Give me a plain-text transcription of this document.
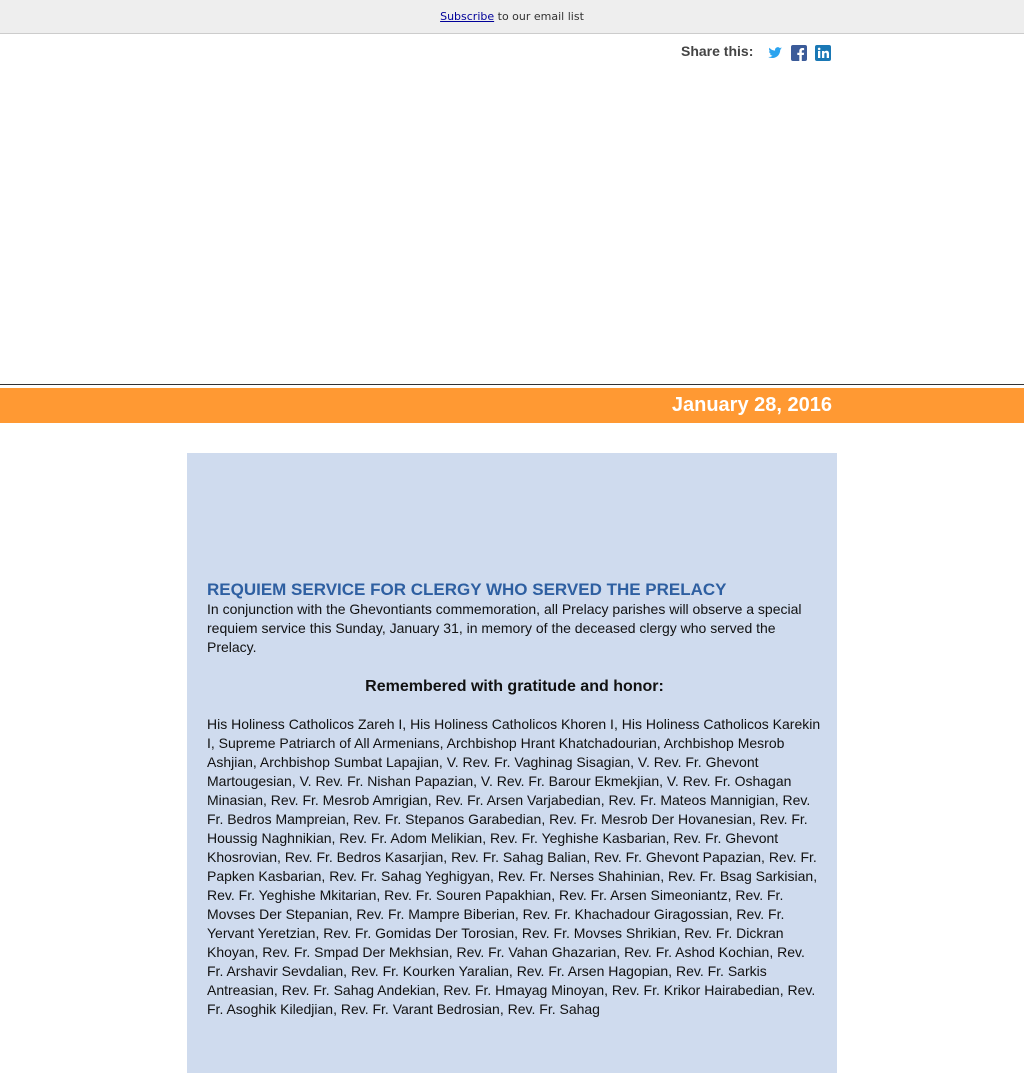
Subscribe to our email list
Share this:
January 28, 2016

REQUIEM SERVICE FOR CLERGY WHO SERVED THE PRELACY

In conjunction with the Ghevontiants commemoration, all Prelacy parishes will observe a special requiem service this Sunday, January 31, in memory of the deceased clergy who served the Prelacy.

Remembered with gratitude and honor:

His Holiness Catholicos Zareh I, His Holiness Catholicos Khoren I, His Holiness Catholicos Karekin I, Supreme Patriarch of All Armenians, Archbishop Hrant Khatchadourian, Archbishop Mesrob Ashjian, Archbishop Sumbat Lapajian, V. Rev. Fr. Vaghinag Sisagian, V. Rev. Fr. Ghevont Martougesian, V. Rev. Fr. Nishan Papazian, V. Rev. Fr. Barour Ekmekjian, V. Rev. Fr. Oshagan Minasian, Rev. Fr. Mesrob Amrigian, Rev. Fr. Arsen Varjabedian, Rev. Fr. Mateos Mannigian, Rev. Fr. Bedros Mampreian, Rev. Fr. Stepanos Garabedian, Rev. Fr. Mesrob Der Hovanesian, Rev. Fr. Houssig Naghnikian, Rev. Fr. Adom Melikian, Rev. Fr. Yeghishe Kasbarian, Rev. Fr. Ghevont Khosrovian, Rev. Fr. Bedros Kasarjian, Rev. Fr. Sahag Balian, Rev. Fr. Ghevont Papazian, Rev. Fr. Papken Kasbarian, Rev. Fr. Sahag Yeghigyan, Rev. Fr. Nerses Shahinian, Rev. Fr. Bsag Sarkisian, Rev. Fr. Yeghishe Mkitarian, Rev. Fr. Souren Papakhian, Rev. Fr. Arsen Simeoniantz, Rev. Fr. Movses Der Stepanian, Rev. Fr. Mampre Biberian, Rev. Fr. Khachadour Giragossian, Rev. Fr. Yervant Yeretzian, Rev. Fr. Gomidas Der Torosian, Rev. Fr. Movses Shrikian, Rev. Fr. Dickran Khoyan, Rev. Fr. Smpad Der Mekhsian, Rev. Fr. Vahan Ghazarian, Rev. Fr. Ashod Kochian, Rev. Fr. Arshavir Sevdalian, Rev. Fr. Kourken Yaralian, Rev. Fr. Arsen Hagopian, Rev. Fr. Sarkis Antreasian, Rev. Fr. Sahag Andekian, Rev. Fr. Hmayag Minoyan, Rev. Fr. Krikor Hairabedian, Rev. Fr. Asoghik Kiledjian, Rev. Fr. Varant Bedrosian, Rev. Fr. Sahag
